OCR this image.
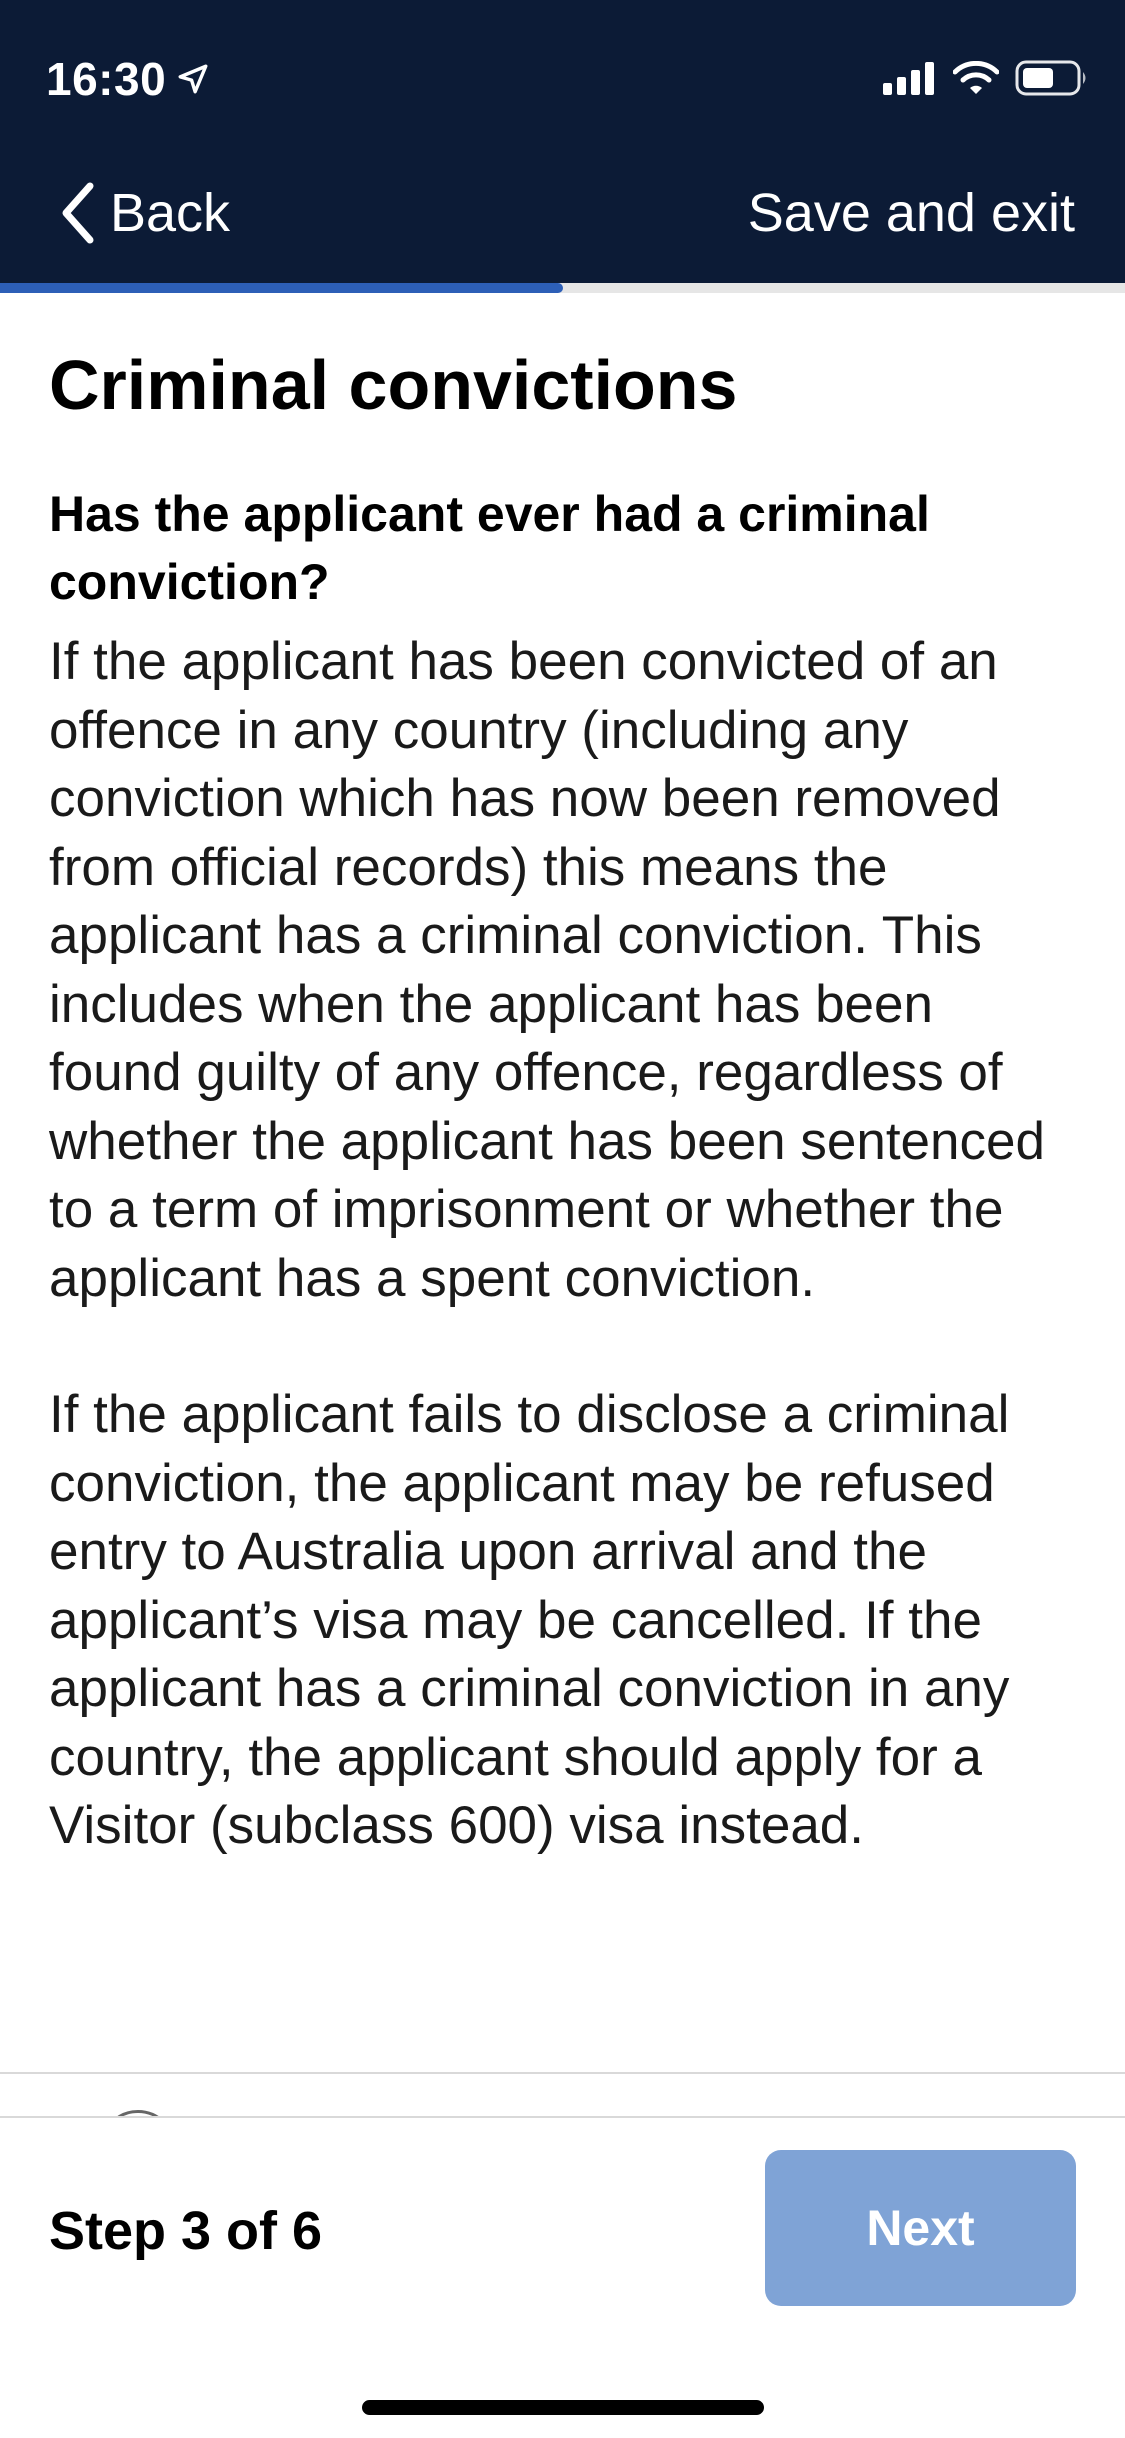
16:30
Back	Save and exit
Criminal convictions
Has the applicant ever had a criminal conviction?
If the applicant has been convicted of an offence in any country (including any conviction which has now been removed from official records) this means the applicant has a criminal conviction. This includes when the applicant has been found guilty of any offence, regardless of whether the applicant has been sentenced to a term of imprisonment or whether the applicant has a spent conviction.
If the applicant fails to disclose a criminal conviction, the applicant may be refused entry to Australia upon arrival and the applicant’s visa may be cancelled. If the applicant has a criminal conviction in any country, the applicant should apply for a Visitor (subclass 600) visa instead.
Step 3 of 6	Next
